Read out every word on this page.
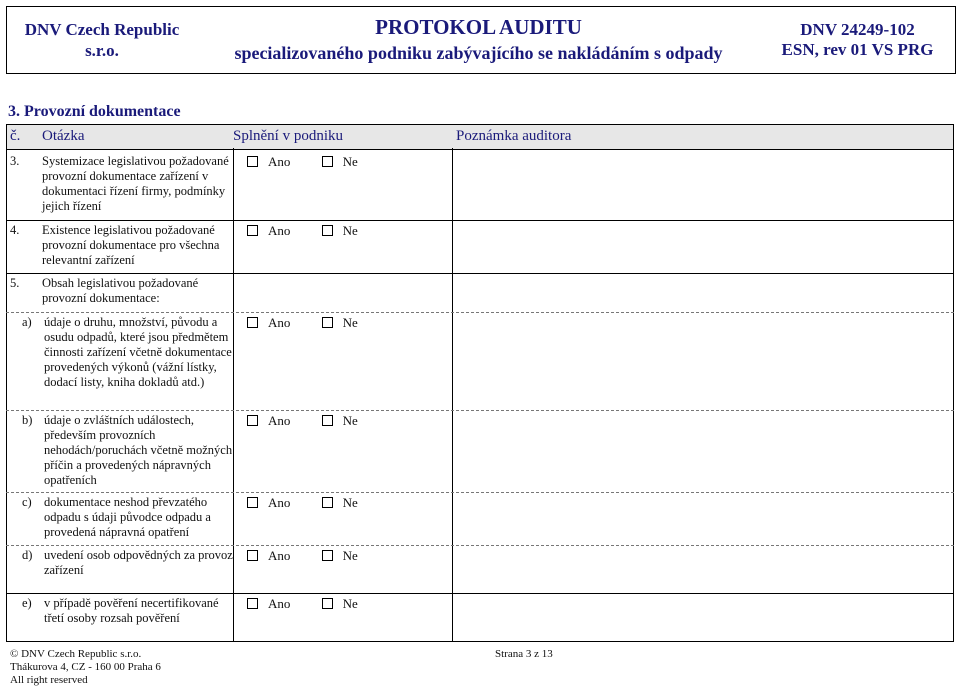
DNV Czech Republic
s.r.o.
PROTOKOL AUDITU
specializovaného podniku zabývajícího se nakládáním s odpady
DNV 24249-102
ESN, rev 01 VS PRG
3. Provozní dokumentace
č. Otázka	Splnění v podniku	Poznámka auditora
3. Systemizace legislativou požadované provozní dokumentace zařízení v dokumentaci řízení firmy, podmínky jejich řízení
Ano	Ne
4. Existence legislativou požadované provozní dokumentace pro všechna relevantní zařízení
Ano	Ne
5. Obsah legislativou požadované provozní dokumentace:
a) údaje o druhu, množství, původu a osudu odpadů, které jsou předmětem činnosti zařízení včetně dokumentace provedených výkonů (vážní lístky, dodací listy, kniha dokladů atd.)
Ano	Ne
b) údaje o zvláštních událostech, především provozních nehodách/poruchách včetně možných příčin a provedených nápravných opatřeních
Ano	Ne
c) dokumentace neshod převzatého odpadu s údaji původce odpadu a provedená nápravná opatření
Ano	Ne
d) uvedení osob odpovědných za provoz zařízení
Ano	Ne
e) v případě pověření necertifikované třetí osoby rozsah pověření
Ano	Ne
© DNV Czech Republic s.r.o.
Thákurova 4, CZ - 160 00 Praha 6
All right reserved
Strana 3 z 13
